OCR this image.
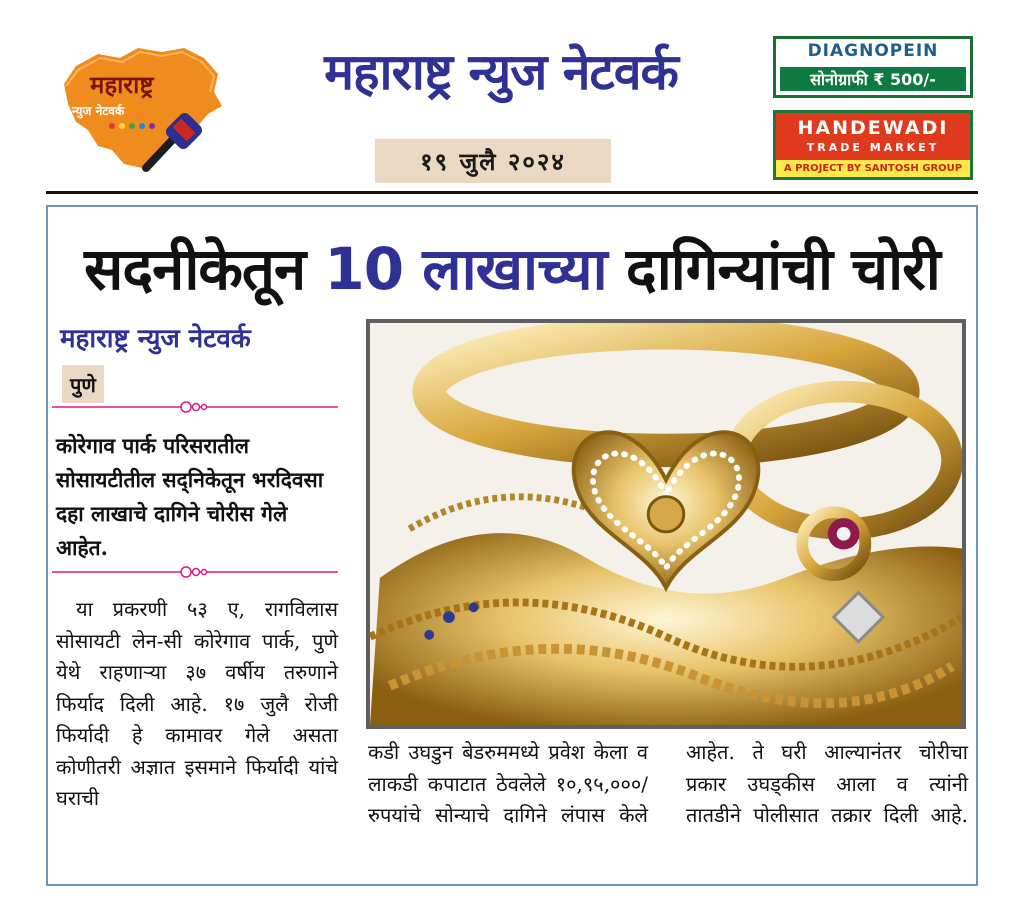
महाराष्ट्र
न्युज नेटवर्क
महाराष्ट्र न्युज नेटवर्क
१९ जुलै २०२४
DIAGNOPEIN
सोनोग्राफी ₹ 500/-
HANDEWADI
TRADE MARKET
A PROJECT BY SANTOSH GROUP
सदनीकेतून 10 लाखाच्या दागिन्यांची चोरी
महाराष्ट्र न्युज नेटवर्क
पुणे
कोरेगाव पार्क परिसरातील सोसायटीतील सद्निकेतून भरदिवसा दहा लाखाचे दागिने चोरीस गेले आहेत.
या प्रकरणी ५३ ए, रागविलास सोसायटी लेन-सी कोरेगाव पार्क, पुणे येथे राहणाऱ्या ३७ वर्षीय तरुणाने फिर्याद दिली आहे. १७ जुलै रोजी फिर्यादी हे कामावर गेले असता कोणीतरी अज्ञात इसमाने फिर्यादी यांचे घराची
कडी उघडुन बेडरुममध्ये प्रवेश केला व लाकडी कपाटात ठेवलेले १०,९५,०००/रुपयांचे सोन्याचे दागिने लंपास केले
आहेत. ते घरी आल्यानंतर चोरीचा प्रकार उघड्कीस आला व त्यांनी तातडीने पोलीसात तक्रार दिली आहे.
